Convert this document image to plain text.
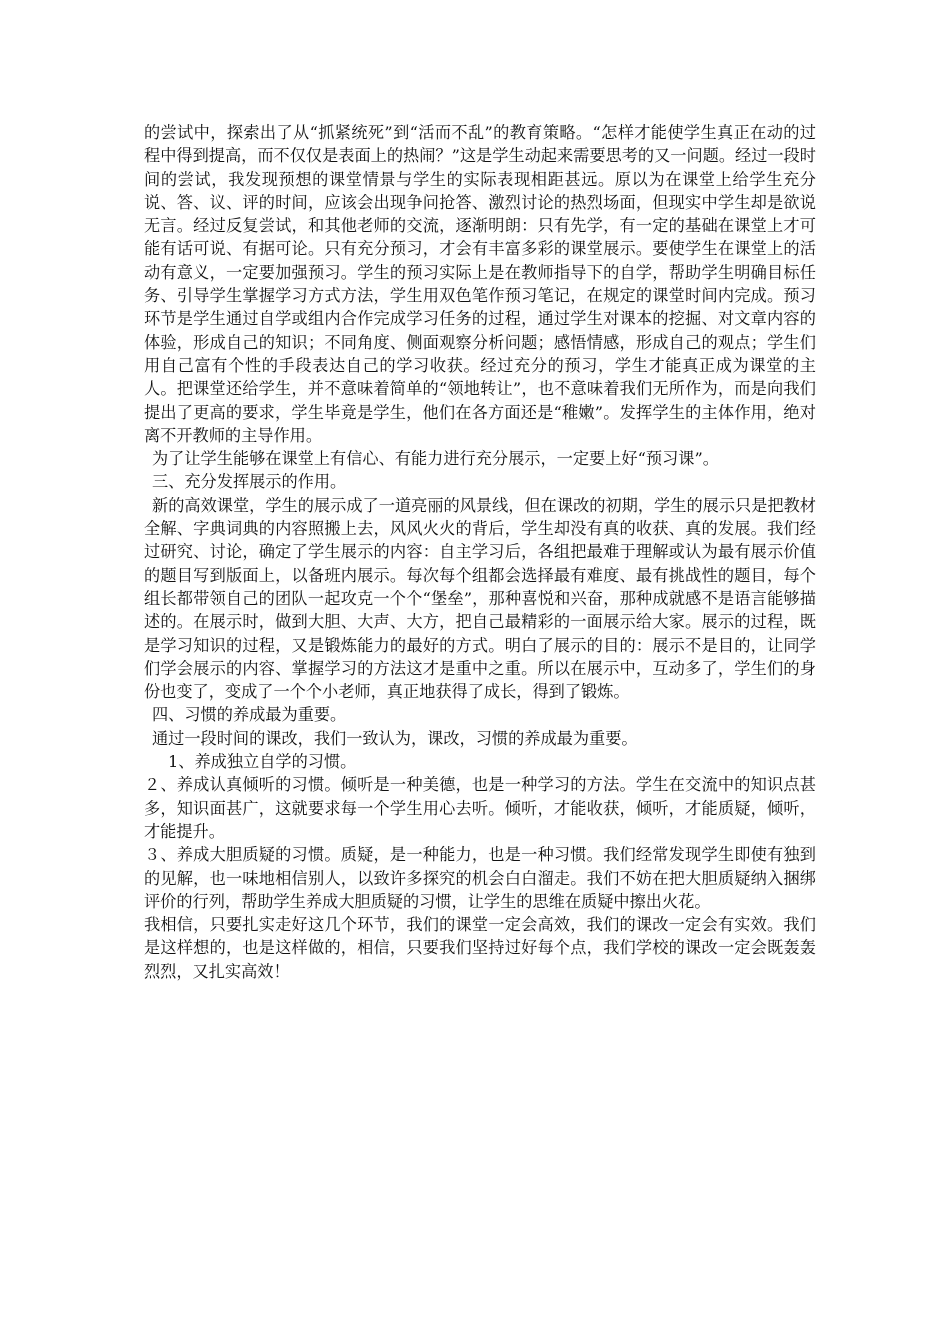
的尝试中，探索出了从“抓紧统死”到“活而不乱”的教育策略。“怎样才能使学生真正在动的过程中得到提高，而不仅仅是表面上的热闹？”这是学生动起来需要思考的又一问题。经过一段时间的尝试，我发现预想的课堂情景与学生的实际表现相距甚远。原以为在课堂上给学生充分说、答、议、评的时间，应该会出现争问抢答、激烈讨论的热烈场面，但现实中学生却是欲说无言。经过反复尝试，和其他老师的交流，逐渐明朗：只有先学，有一定的基础在课堂上才可能有话可说、有据可论。只有充分预习，才会有丰富多彩的课堂展示。要使学生在课堂上的活动有意义，一定要加强预习。学生的预习实际上是在教师指导下的自学，帮助学生明确目标任务、引导学生掌握学习方式方法，学生用双色笔作预习笔记，在规定的课堂时间内完成。预习环节是学生通过自学或组内合作完成学习任务的过程，通过学生对课本的挖掘、对文章内容的体验，形成自己的知识；不同角度、侧面观察分析问题；感悟情感，形成自己的观点；学生们用自己富有个性的手段表达自己的学习收获。经过充分的预习，学生才能真正成为课堂的主人。把课堂还给学生，并不意味着简单的“领地转让”，也不意味着我们无所作为，而是向我们提出了更高的要求，学生毕竟是学生，他们在各方面还是“稚嫩”。发挥学生的主体作用，绝对离不开教师的主导作用。

为了让学生能够在课堂上有信心、有能力进行充分展示，一定要上好“预习课”。

三、充分发挥展示的作用。

新的高效课堂，学生的展示成了一道亮丽的风景线，但在课改的初期，学生的展示只是把教材全解、字典词典的内容照搬上去，风风火火的背后，学生却没有真的收获、真的发展。我们经过研究、讨论，确定了学生展示的内容：自主学习后，各组把最难于理解或认为最有展示价值的题目写到版面上，以备班内展示。每次每个组都会选择最有难度、最有挑战性的题目，每个组长都带领自己的团队一起攻克一个个“堡垒”，那种喜悦和兴奋，那种成就感不是语言能够描述的。在展示时，做到大胆、大声、大方，把自己最精彩的一面展示给大家。展示的过程，既是学习知识的过程，又是锻炼能力的最好的方式。明白了展示的目的：展示不是目的，让同学们学会展示的内容、掌握学习的方法这才是重中之重。所以在展示中，互动多了，学生们的身份也变了，变成了一个个小老师，真正地获得了成长，得到了锻炼。

四、习惯的养成最为重要。

通过一段时间的课改，我们一致认为，课改，习惯的养成最为重要。

1、养成独立自学的习惯。

２、养成认真倾听的习惯。倾听是一种美德，也是一种学习的方法。学生在交流中的知识点甚多，知识面甚广，这就要求每一个学生用心去听。倾听，才能收获，倾听，才能质疑，倾听，才能提升。

３、养成大胆质疑的习惯。质疑，是一种能力，也是一种习惯。我们经常发现学生即使有独到的见解，也一味地相信别人，以致许多探究的机会白白溜走。我们不妨在把大胆质疑纳入捆绑评价的行列，帮助学生养成大胆质疑的习惯，让学生的思维在质疑中擦出火花。

我相信，只要扎实走好这几个环节，我们的课堂一定会高效，我们的课改一定会有实效。我们是这样想的，也是这样做的，相信，只要我们坚持过好每个点，我们学校的课改一定会既轰轰烈烈，又扎实高效！
